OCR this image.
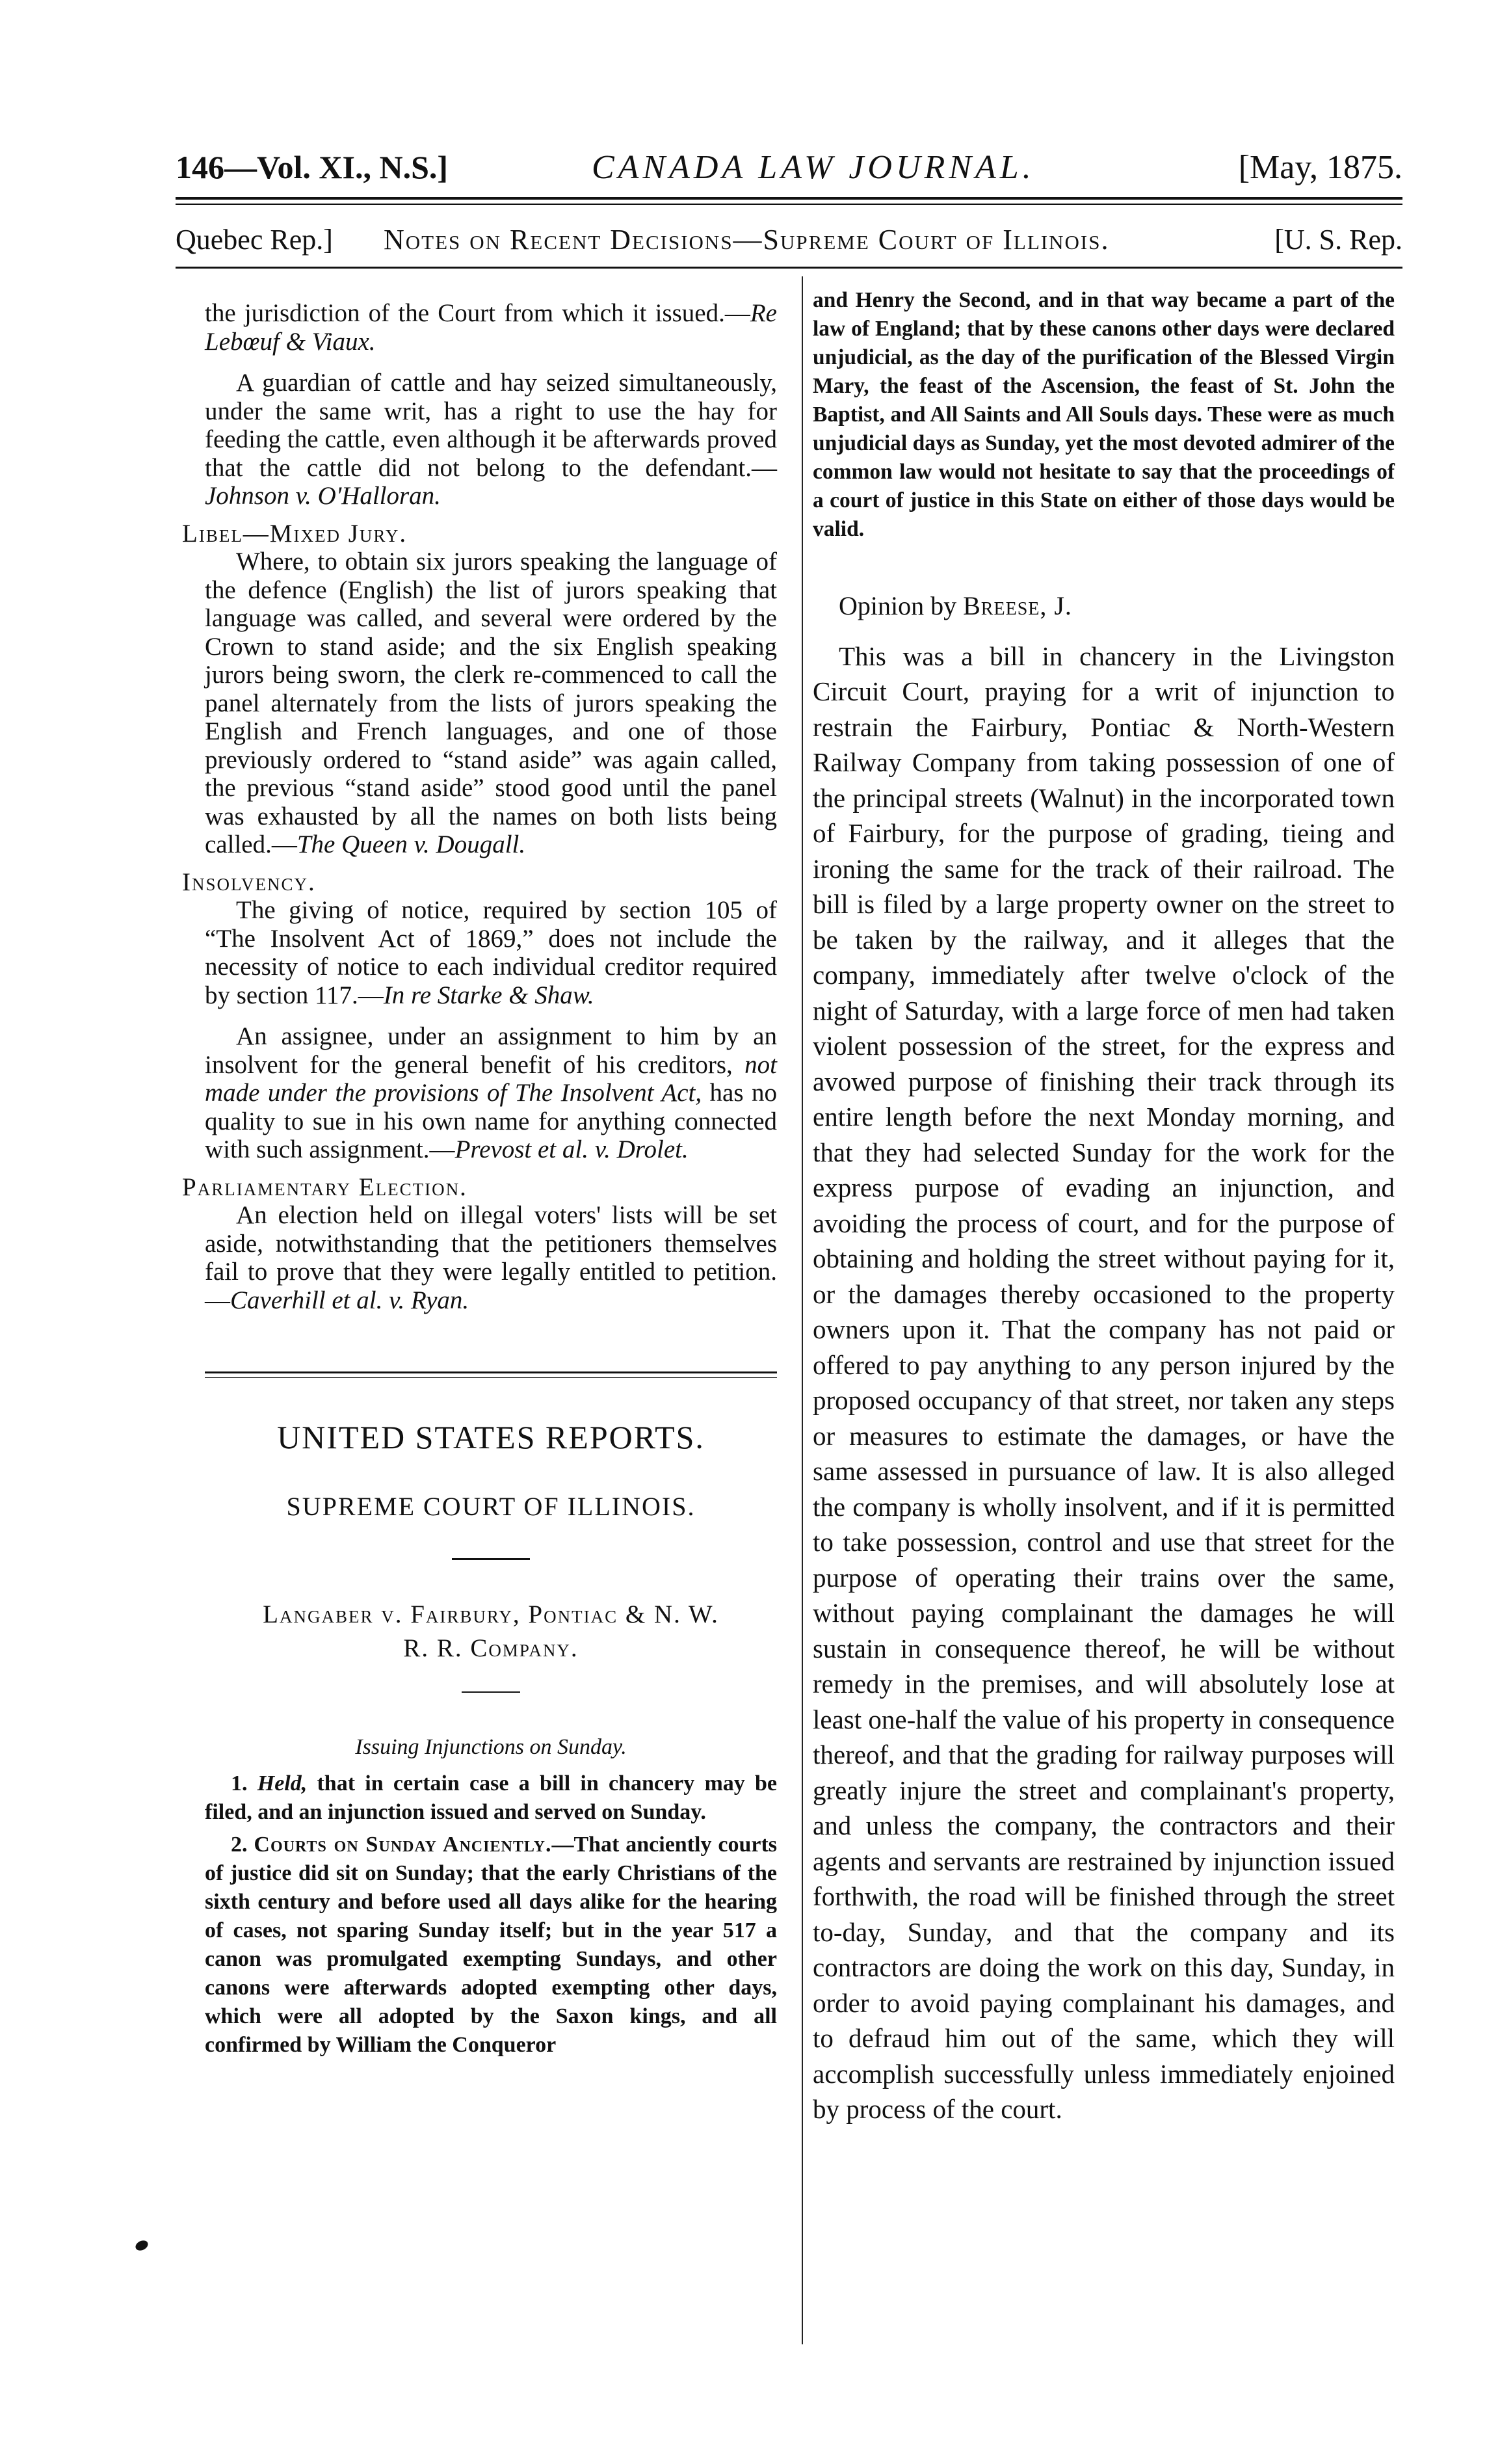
146—Vol. XI., N.S.]	CANADA LAW JOURNAL.	[May, 1875.
Quebec Rep.] Notes on Recent Decisions—Supreme Court of Illinois.	[U. S. Rep.

the jurisdiction of the Court from which it issued.—Re Lebœuf & Viaux.

A guardian of cattle and hay seized simultaneously, under the same writ, has a right to use the hay for feeding the cattle, even although it be afterwards proved that the cattle did not belong to the defendant.—Johnson v. O'Halloran.

Libel—Mixed Jury.

Where, to obtain six jurors speaking the language of the defence (English) the list of jurors speaking that language was called, and several were ordered by the Crown to stand aside; and the six English speaking jurors being sworn, the clerk re-commenced to call the panel alternately from the lists of jurors speaking the English and French languages, and one of those previously ordered to “stand aside” was again called, the previous “stand aside” stood good until the panel was exhausted by all the names on both lists being called.—The Queen v. Dougall.

Insolvency.

The giving of notice, required by section 105 of “The Insolvent Act of 1869,” does not include the necessity of notice to each individual creditor required by section 117.—In re Starke & Shaw.

An assignee, under an assignment to him by an insolvent for the general benefit of his creditors, not made under the provisions of The Insolvent Act, has no quality to sue in his own name for anything connected with such assignment.—Prevost et al. v. Drolet.

Parliamentary Election.

An election held on illegal voters' lists will be set aside, notwithstanding that the petitioners themselves fail to prove that they were legally entitled to petition.—Caverhill et al. v. Ryan.

UNITED STATES REPORTS.
SUPREME COURT OF ILLINOIS.
Langaber v. Fairbury, Pontiac & N. W.
R. R. Company.
Issuing Injunctions on Sunday.

1. Held, that in certain case a bill in chancery may be filed, and an injunction issued and served on Sunday.

2. Courts on Sunday Anciently.—That anciently courts of justice did sit on Sunday; that the early Christians of the sixth century and before used all days alike for the hearing of cases, not sparing Sunday itself; but in the year 517 a canon was promulgated exempting Sundays, and other canons were afterwards adopted exempting other days, which were all adopted by the Saxon kings, and all confirmed by William the Conqueror

and Henry the Second, and in that way became a part of the law of England; that by these canons other days were declared unjudicial, as the day of the purification of the Blessed Virgin Mary, the feast of the Ascension, the feast of St. John the Baptist, and All Saints and All Souls days. These were as much unjudicial days as Sunday, yet the most devoted admirer of the common law would not hesitate to say that the proceedings of a court of justice in this State on either of those days would be valid.

Opinion by Breese, J.

This was a bill in chancery in the Livingston Circuit Court, praying for a writ of injunction to restrain the Fairbury, Pontiac & North-Western Railway Company from taking possession of one of the principal streets (Walnut) in the incorporated town of Fairbury, for the purpose of grading, tieing and ironing the same for the track of their railroad. The bill is filed by a large property owner on the street to be taken by the railway, and it alleges that the company, immediately after twelve o'clock of the night of Saturday, with a large force of men had taken violent possession of the street, for the express and avowed purpose of finishing their track through its entire length before the next Monday morning, and that they had selected Sunday for the work for the express purpose of evading an injunction, and avoiding the process of court, and for the purpose of obtaining and holding the street without paying for it, or the damages thereby occasioned to the property owners upon it. That the company has not paid or offered to pay anything to any person injured by the proposed occupancy of that street, nor taken any steps or measures to estimate the damages, or have the same assessed in pursuance of law. It is also alleged the company is wholly insolvent, and if it is permitted to take possession, control and use that street for the purpose of operating their trains over the same, without paying complainant the damages he will sustain in consequence thereof, he will be without remedy in the premises, and will absolutely lose at least one-half the value of his property in consequence thereof, and that the grading for railway purposes will greatly injure the street and complainant's property, and unless the company, the contractors and their agents and servants are restrained by injunction issued forthwith, the road will be finished through the street to-day, Sunday, and that the company and its contractors are doing the work on this day, Sunday, in order to avoid paying complainant his damages, and to defraud him out of the same, which they will accomplish successfully unless immediately enjoined by process of the court.
